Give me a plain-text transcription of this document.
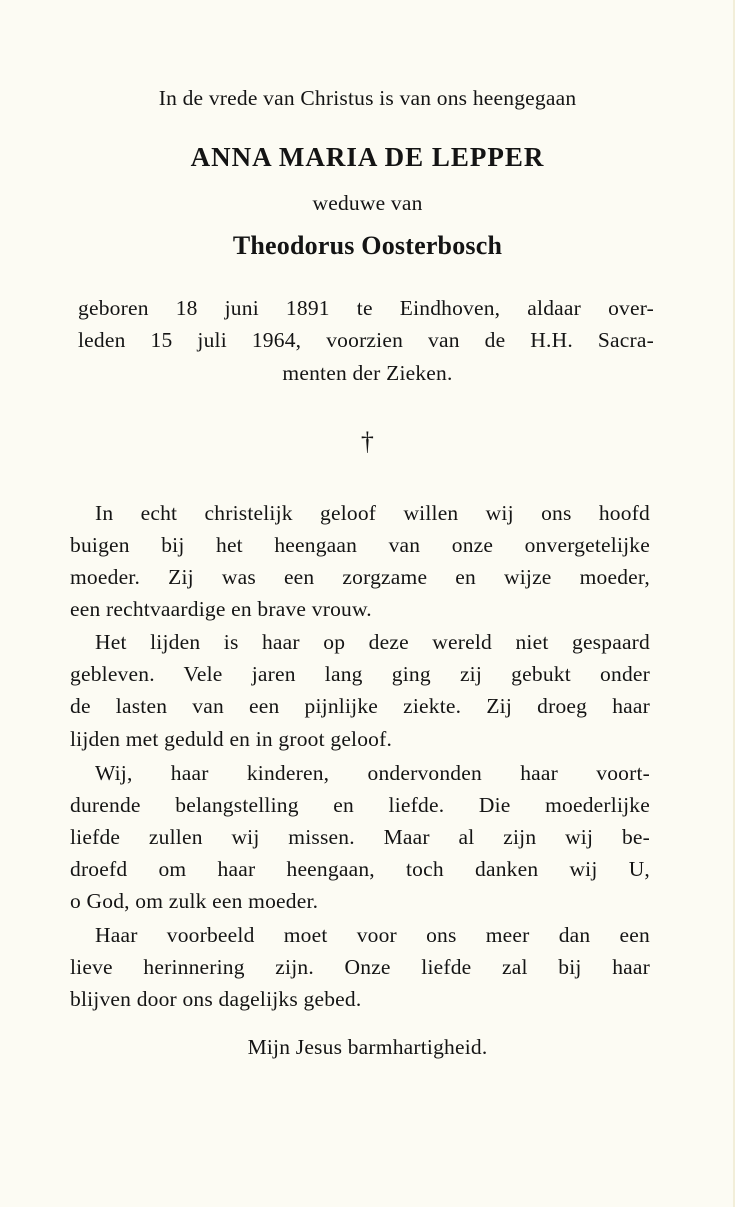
In de vrede van Christus is van ons heengegaan
ANNA MARIA DE LEPPER
weduwe van
Theodorus Oosterbosch
geboren 18 juni 1891 te Eindhoven, aldaar over-
leden 15 juli 1964, voorzien van de H.H. Sacra-
menten der Zieken.
†
In echt christelijk geloof willen wij ons hoofd
buigen bij het heengaan van onze onvergetelijke
moeder. Zij was een zorgzame en wijze moeder,
een rechtvaardige en brave vrouw.
Het lijden is haar op deze wereld niet gespaard
gebleven. Vele jaren lang ging zij gebukt onder
de lasten van een pijnlijke ziekte. Zij droeg haar
lijden met geduld en in groot geloof.
Wij, haar kinderen, ondervonden haar voort-
durende belangstelling en liefde. Die moederlijke
liefde zullen wij missen. Maar al zijn wij be-
droefd om haar heengaan, toch danken wij U,
o God, om zulk een moeder.
Haar voorbeeld moet voor ons meer dan een
lieve herinnering zijn. Onze liefde zal bij haar
blijven door ons dagelijks gebed.
Mijn Jesus barmhartigheid.
